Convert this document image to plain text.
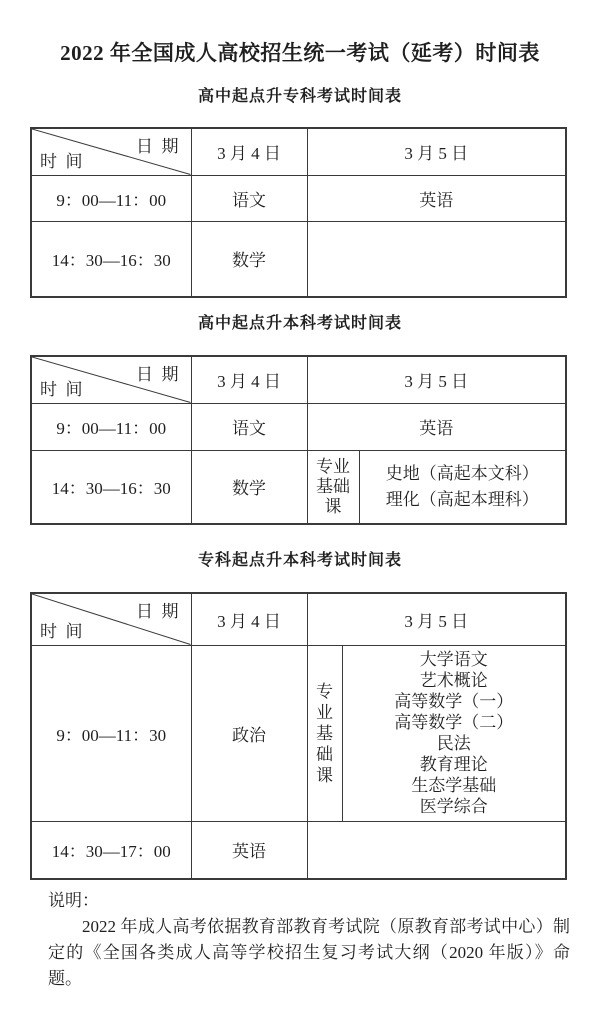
2022 年全国成人高校招生统一考试（延考）时间表
高中起点升专科考试时间表
日  期
时  间	3 月 4 日	3 月 5 日
9：00—11：00	语文	英语
14：30—16：30	数学	
高中起点升本科考试时间表
日  期
时  间	3 月 4 日	3 月 5 日	
9：00—11：00	语文	英语	
14：30—16：30	数学	专业基础课	史地（高起本文科）
理化（高起本理科）
专科起点升本科考试时间表
日  期
时  间	3 月 4 日	3 月 5 日	
9：00—11：30	政治	专业基础课	
大学语文
艺术概论
高等数学（一）
高等数学（二）
民法
教育理论
生态学基础
医学综合

14：30—17：00	英语		
说明：

2022 年成人高考依据教育部教育考试院（原教育部考试中心）制定的《全国各类成人高等学校招生复习考试大纲（2020 年版）》命题。
